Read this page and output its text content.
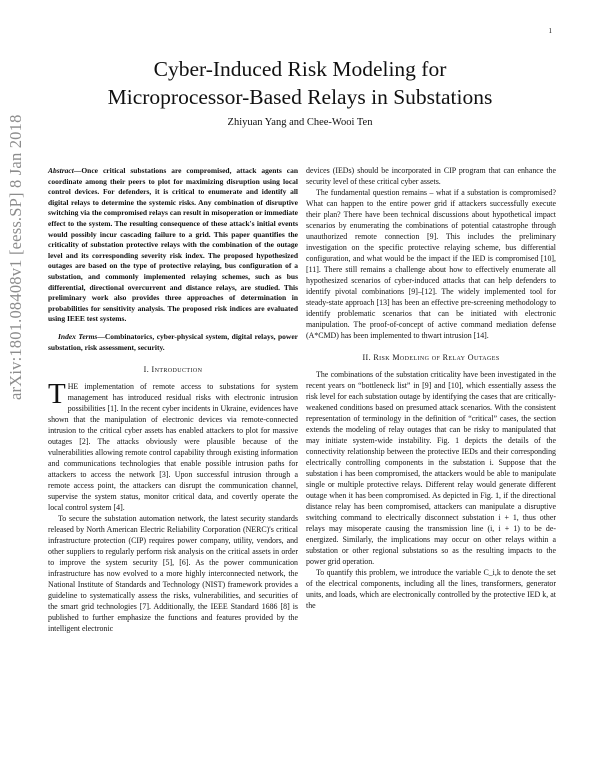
1
arXiv:1801.08408v1 [eess.SP] 8 Jan 2018
Cyber-Induced Risk Modeling for
Microprocessor-Based Relays in Substations
Zhiyuan Yang and Chee-Wooi Ten

Abstract—Once critical substations are compromised, attack agents can coordinate among their peers to plot for maximizing disruption using local control devices. For defenders, it is critical to enumerate and identify all digital relays to determine the systemic risks. Any combination of disruptive switching via the compromised relays can result in misoperation or immediate effect to the system. The resulting consequence of these attack's initial events would possibly incur cascading failure to a grid. This paper quantifies the criticality of substation protective relays with the combination of the outage level and its corresponding severity risk index. The proposed hypothesized outages are based on the type of protective relaying, bus configuration of a substation, and commonly implemented relaying schemes, such as bus differential, directional overcurrent and distance relays, are studied. This preliminary work also provides three approaches of determination in probabilities for sensitivity analysis. The proposed risk indices are evaluated using IEEE test systems.

Index Terms—Combinatorics, cyber-physical system, digital relays, power substation, risk assessment, security.

I. Introduction

THE implementation of remote access to substations for system management has introduced residual risks with electronic intrusion possibilities [1]. In the recent cyber incidents in Ukraine, evidences have shown that the manipulation of electronic devices via remote-connected intrusion to the critical cyber assets has enabled attackers to plot for massive outages [2]. The attacks obviously were plausible because of the vulnerabilities allowing remote control capability through existing information and communications technologies that enable possible intrusion paths for attackers to access the network [3]. Upon successful intrusion through a remote access point, the attackers can disrupt the communication channel, supervise the system status, monitor critical data, and covertly operate the local control system [4].

To secure the substation automation network, the latest security standards released by North American Electric Reliability Corporation (NERC)'s critical infrastructure protection (CIP) requires power company, utility, vendors, and other suppliers to regularly perform risk analysis on the critical assets in order to improve the system security [5], [6]. As the power communication infrastructure has now evolved to a more highly interconnected network, the National Institute of Standards and Technology (NIST) framework provides a guideline to systematically assess the risks, vulnerabilities, and securities of the smart grid technologies [7]. Additionally, the IEEE Standard 1686 [8] is published to further emphasize the functions and features provided by the intelligent electronic

devices (IEDs) should be incorporated in CIP program that can enhance the security level of these critical cyber assets.

The fundamental question remains – what if a substation is compromised? What can happen to the entire power grid if attackers successfully execute their plan? There have been technical discussions about hypothetical impact scenarios by enumerating the combinations of potential catastrophe through unauthorized remote connection [9]. This includes the preliminary investigation on the specific protective relaying scheme, bus differential configuration, and what would be the impact if the IED is compromised [10], [11]. There still remains a challenge about how to effectively enumerate all hypothesized scenarios of cyber-induced attacks that can help defenders to identify pivotal combinations [9]–[12]. The widely implemented tool for steady-state approach [13] has been an effective pre-screening methodology to identify problematic scenarios that can be initiated with electronic manipulation. The proof-of-concept of active command mediation defense (A*CMD) has been implemented to thwart intrusion [14].

II. Risk Modeling of Relay Outages

The combinations of the substation criticality have been investigated in the recent years on “bottleneck list” in [9] and [10], which essentially assess the risk level for each substation outage by identifying the cases that are critically-weakened conditions based on presumed attack scenarios. With the consistent representation of terminology in the definition of “critical” cases, the section extends the modeling of relay outages that can be risky to manipulated that may initiate system-wide instability. Fig. 1 depicts the details of the connectivity relationship between the protective IEDs and their corresponding electrically controlling components in the substation i. Suppose that the substation i has been compromised, the attackers would be able to manipulate single or multiple protective relays. Different relay would generate different outage when it has been compromised. As depicted in Fig. 1, if the directional distance relay has been compromised, attackers can manipulate a disruptive switching command to electrically disconnect substation i + 1, thus other relays may misoperate causing the transmission line (i, i + 1) to be de-energized. Similarly, the implications may occur on other relays within a substation or other regional substations so as the resulting impacts to the power grid operation.

To quantify this problem, we introduce the variable C_i,k to denote the set of the electrical components, including all the lines, transformers, generator units, and loads, which are electronically controlled by the protective IED k, at the
